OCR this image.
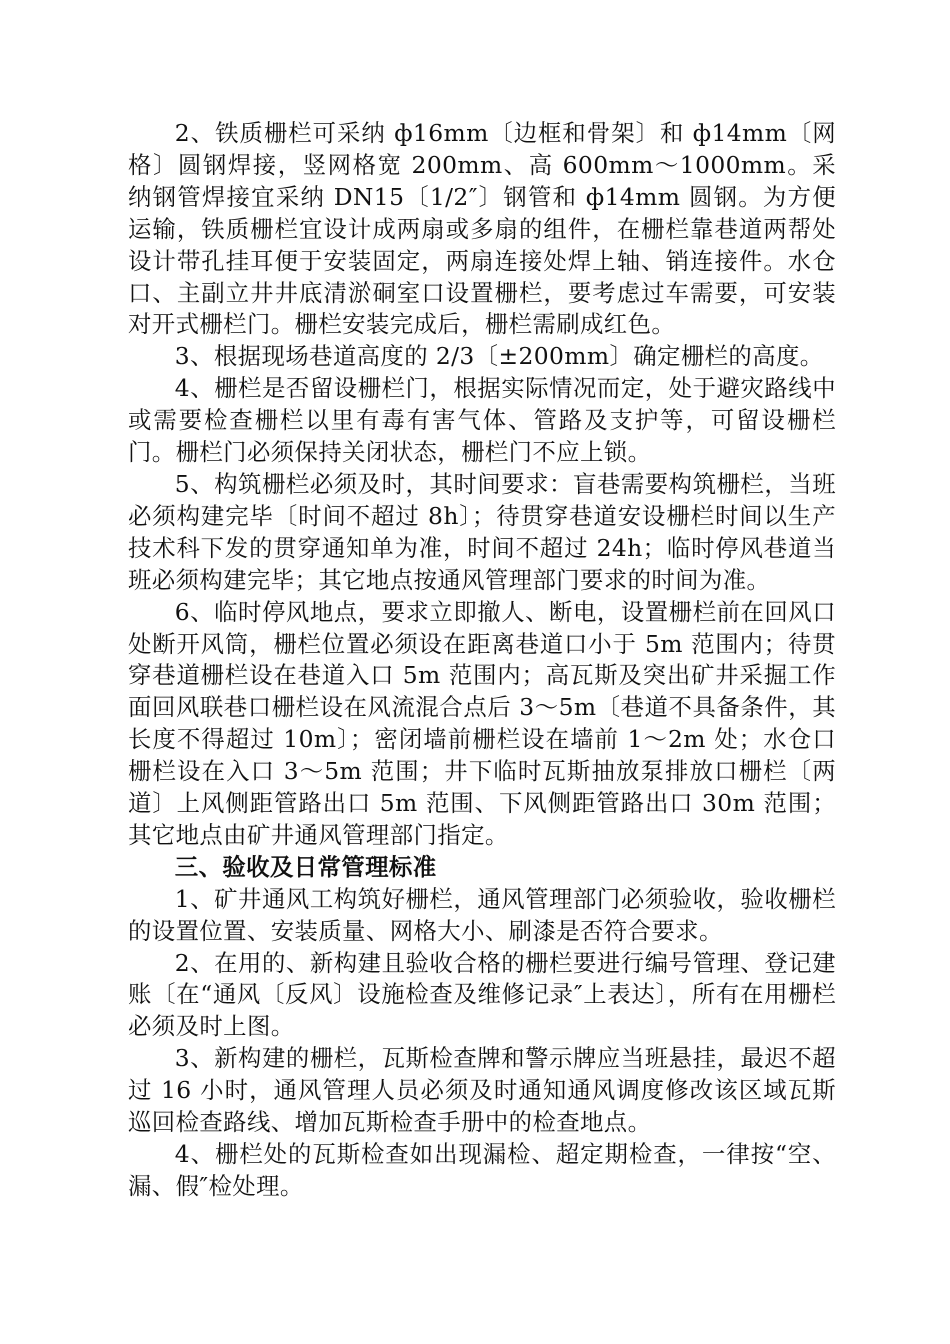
2、铁质栅栏可采纳 ф16mm〔边框和骨架〕和 ф14mm〔网格〕圆钢焊接，竖网格宽 200mm、高 600mm～1000mm。采纳钢管焊接宜采纳 DN15〔1/2″〕钢管和 ф14mm 圆钢。为方便运输，铁质栅栏宜设计成两扇或多扇的组件，在栅栏靠巷道两帮处设计带孔挂耳便于安装固定，两扇连接处焊上轴、销连接件。水仓口、主副立井井底清淤硐室口设置栅栏，要考虑过车需要，可安装对开式栅栏门。栅栏安装完成后，栅栏需刷成红色。

3、根据现场巷道高度的 2/3〔±200mm〕确定栅栏的高度。

4、栅栏是否留设栅栏门，根据实际情况而定，处于避灾路线中或需要检查栅栏以里有毒有害气体、管路及支护等，可留设栅栏门。栅栏门必须保持关闭状态，栅栏门不应上锁。

5、构筑栅栏必须及时，其时间要求：盲巷需要构筑栅栏，当班必须构建完毕〔时间不超过 8h〕；待贯穿巷道安设栅栏时间以生产技术科下发的贯穿通知单为准，时间不超过 24h；临时停风巷道当班必须构建完毕；其它地点按通风管理部门要求的时间为准。

6、临时停风地点，要求立即撤人、断电，设置栅栏前在回风口处断开风筒，栅栏位置必须设在距离巷道口小于 5m 范围内；待贯穿巷道栅栏设在巷道入口 5m 范围内；高瓦斯及突出矿井采掘工作面回风联巷口栅栏设在风流混合点后 3～5m〔巷道不具备条件，其长度不得超过 10m〕；密闭墙前栅栏设在墙前 1～2m 处；水仓口栅栏设在入口 3～5m 范围；井下临时瓦斯抽放泵排放口栅栏〔两道〕上风侧距管路出口 5m 范围、下风侧距管路出口 30m 范围；其它地点由矿井通风管理部门指定。

三、验收及日常管理标准

1、矿井通风工构筑好栅栏，通风管理部门必须验收，验收栅栏的设置位置、安装质量、网格大小、刷漆是否符合要求。

2、在用的、新构建且验收合格的栅栏要进行编号管理、登记建账〔在“通风〔反风〕设施检查及维修记录″上表达〕，所有在用栅栏必须及时上图。

3、新构建的栅栏，瓦斯检查牌和警示牌应当班悬挂，最迟不超过 16 小时，通风管理人员必须及时通知通风调度修改该区域瓦斯巡回检查路线、增加瓦斯检查手册中的检查地点。

4、栅栏处的瓦斯检查如出现漏检、超定期检查，一律按“空、漏、假″检处理。
